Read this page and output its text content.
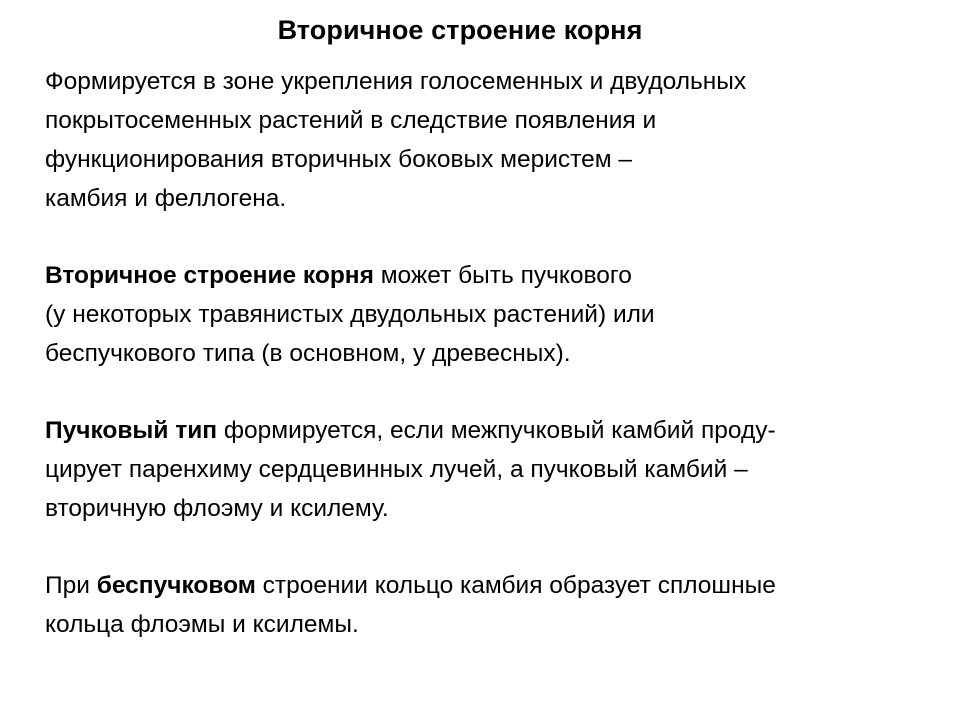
Вторичное строение корня

Формируется в зоне укрепления голосеменных и двудольных
покрытосеменных растений в следствие появления и
функционирования вторичных боковых меристем –
камбия и феллогена.

Вторичное строение корня может быть пучкового
(у некоторых травянистых двудольных растений) или
беспучкового типа (в основном, у древесных).

Пучковый тип формируется, если межпучковый камбий проду-
цирует паренхиму сердцевинных лучей, а пучковый камбий –
вторичную флоэму и ксилему.

При беспучковом строении кольцо камбия образует сплошные
кольца флоэмы и ксилемы.
